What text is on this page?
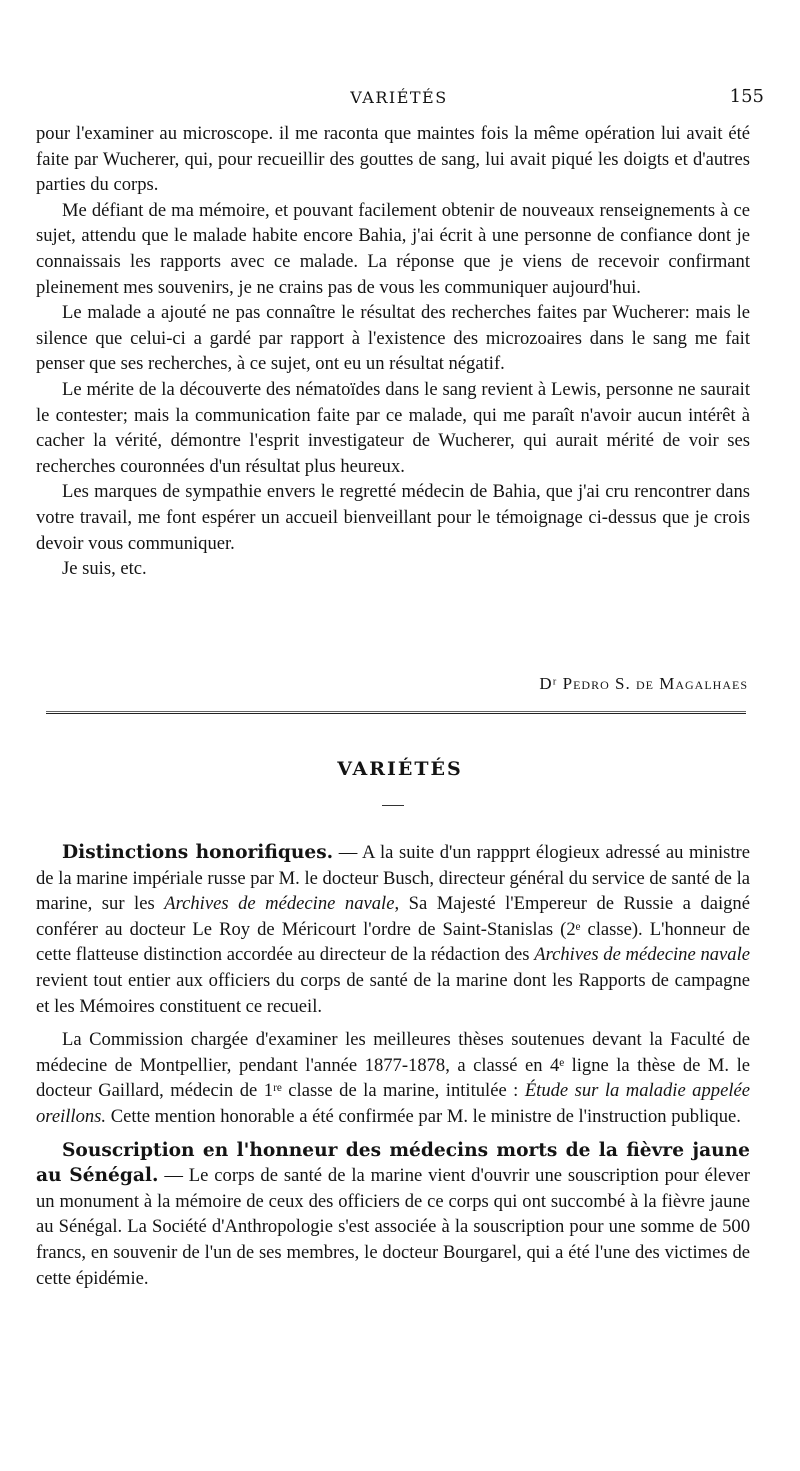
VARIÉTÉS	155

pour l'examiner au microscope. il me raconta que maintes fois la même opération lui avait été faite par Wucherer, qui, pour recueillir des gouttes de sang, lui avait piqué les doigts et d'autres parties du corps.

Me défiant de ma mémoire, et pouvant facilement obtenir de nouveaux renseignements à ce sujet, attendu que le malade habite encore Bahia, j'ai écrit à une personne de confiance dont je connaissais les rapports avec ce malade. La réponse que je viens de recevoir confirmant pleinement mes souvenirs, je ne crains pas de vous les communiquer aujourd'hui.

Le malade a ajouté ne pas connaître le résultat des recherches faites par Wucherer: mais le silence que celui-ci a gardé par rapport à l'existence des microzoaires dans le sang me fait penser que ses recherches, à ce sujet, ont eu un résultat négatif.

Le mérite de la découverte des nématoïdes dans le sang revient à Lewis, personne ne saurait le contester; mais la communication faite par ce malade, qui me paraît n'avoir aucun intérêt à cacher la vérité, démontre l'esprit investigateur de Wucherer, qui aurait mérité de voir ses recherches couronnées d'un résultat plus heureux.

Les marques de sympathie envers le regretté médecin de Bahia, que j'ai cru rencontrer dans votre travail, me font espérer un accueil bienveillant pour le témoignage ci-dessus que je crois devoir vous communiquer.

Je suis, etc.

Dʳ Pedro S. de Magalhaes
VARIÉTÉS

Distinctions honorifiques. — A la suite d'un rappprt élogieux adressé au ministre de la marine impériale russe par M. le docteur Busch, directeur général du service de santé de la marine, sur les Archives de médecine navale, Sa Majesté l'Empereur de Russie a daigné conférer au docteur Le Roy de Méricourt l'ordre de Saint-Stanislas (2ᵉ classe). L'honneur de cette flatteuse distinction accordée au directeur de la rédaction des Archives de médecine navale revient tout entier aux officiers du corps de santé de la marine dont les Rapports de campagne et les Mémoires constituent ce recueil.

La Commission chargée d'examiner les meilleures thèses soutenues devant la Faculté de médecine de Montpellier, pendant l'année 1877-1878, a classé en 4ᵉ ligne la thèse de M. le docteur Gaillard, médecin de 1ʳᵉ classe de la marine, intitulée : Étude sur la maladie appelée oreillons. Cette mention honorable a été confirmée par M. le ministre de l'instruction publique.

Souscription en l'honneur des médecins morts de la fièvre jaune au Sénégal. — Le corps de santé de la marine vient d'ouvrir une souscription pour élever un monument à la mémoire de ceux des officiers de ce corps qui ont succombé à la fièvre jaune au Sénégal. La Société d'Anthropologie s'est associée à la souscription pour une somme de 500 francs, en souvenir de l'un de ses membres, le docteur Bourgarel, qui a été l'une des victimes de cette épidémie.
